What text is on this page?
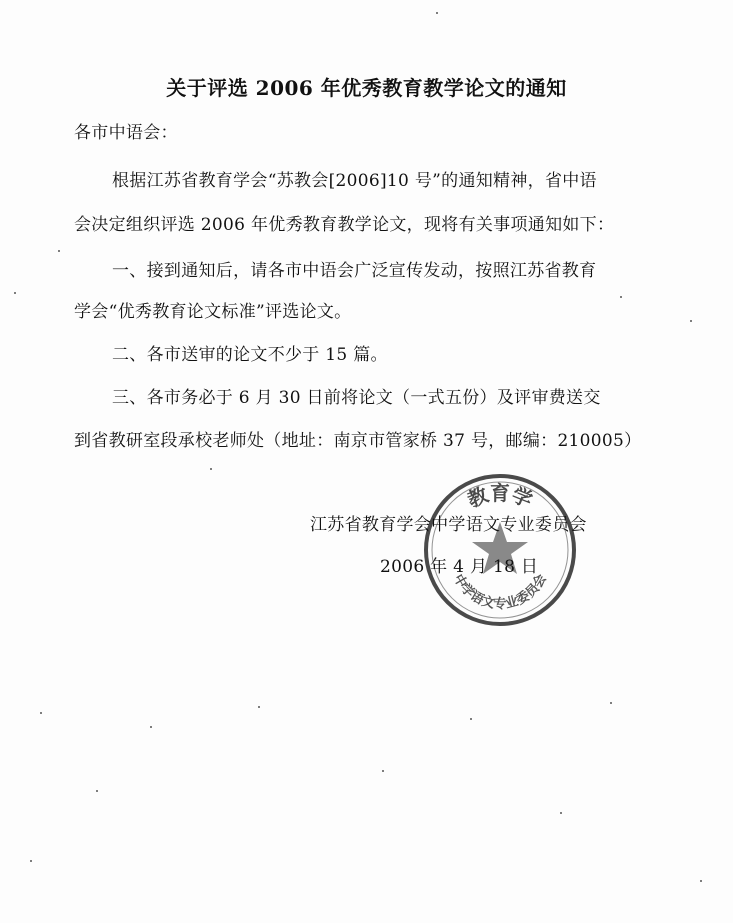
关于评选 2006 年优秀教育教学论文的通知
各市中语会：
根据江苏省教育学会“苏教会[2006]10 号”的通知精神，省中语
会决定组织评选 2006 年优秀教育教学论文，现将有关事项通知如下：
一、接到通知后，请各市中语会广泛宣传发动，按照江苏省教育
学会“优秀教育论文标准”评选论文。
二、各市送审的论文不少于 15 篇。
三、各市务必于 6 月 30 日前将论文（一式五份）及评审费送交
到省教研室段承校老师处（地址：南京市管家桥 37 号，邮编：210005）
教育学
中学语文专业委员会
江苏省教育学会中学语文专业委员会
2006 年 4 月 18 日
